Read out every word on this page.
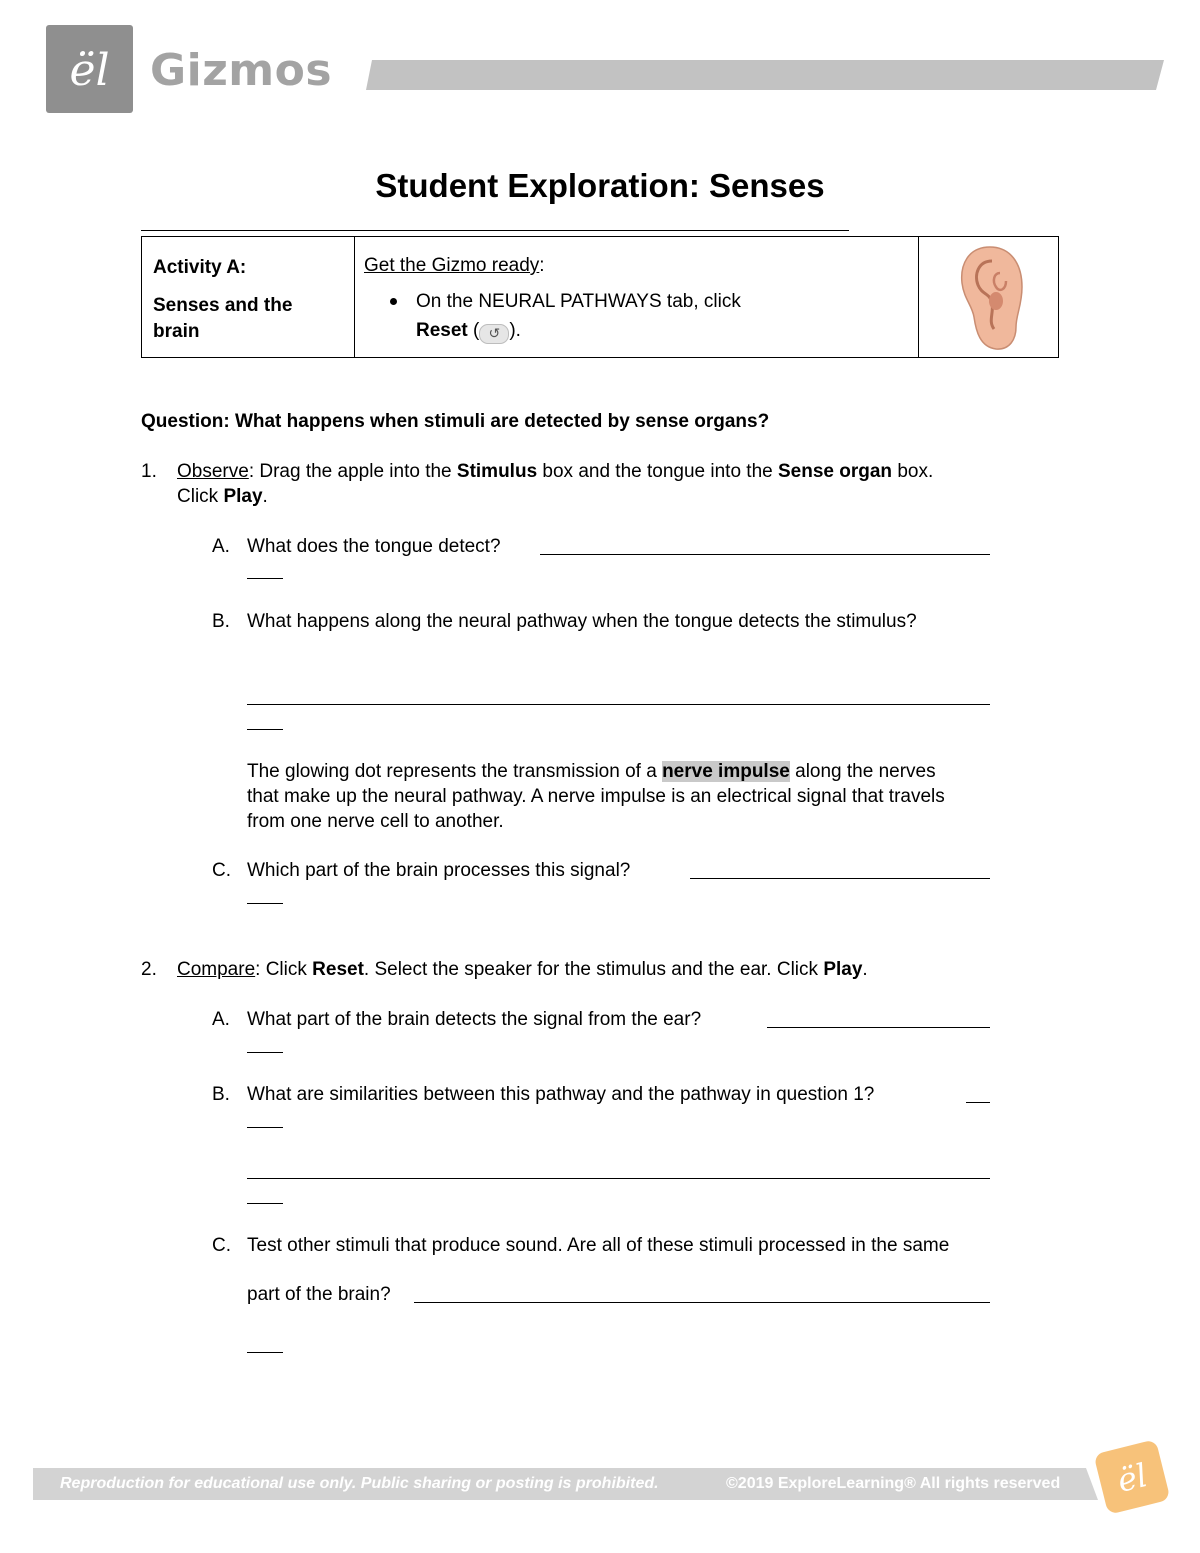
ël Gizmos
Student Exploration: Senses
Activity A:
Senses and the brain
Get the Gizmo ready:
On the NEURAL PATHWAYS tab, click
Reset ( ↺ ).
Question: What happens when stimuli are detected by sense organs?
1. Observe: Drag the apple into the Stimulus box and the tongue into the Sense organ box.
Click Play.
A. What does the tongue detect?
B. What happens along the neural pathway when the tongue detects the stimulus?
The glowing dot represents the transmission of a nerve impulse along the nerves
that make up the neural pathway. A nerve impulse is an electrical signal that travels
from one nerve cell to another.
C. Which part of the brain processes this signal?
2. Compare: Click Reset. Select the speaker for the stimulus and the ear. Click Play.
A. What part of the brain detects the signal from the ear?
B. What are similarities between this pathway and the pathway in question 1?
C. Test other stimuli that produce sound. Are all of these stimuli processed in the same
part of the brain?
Reproduction for educational use only. Public sharing or posting is prohibited.	©2019 ExploreLearning® All rights reserved	ël
